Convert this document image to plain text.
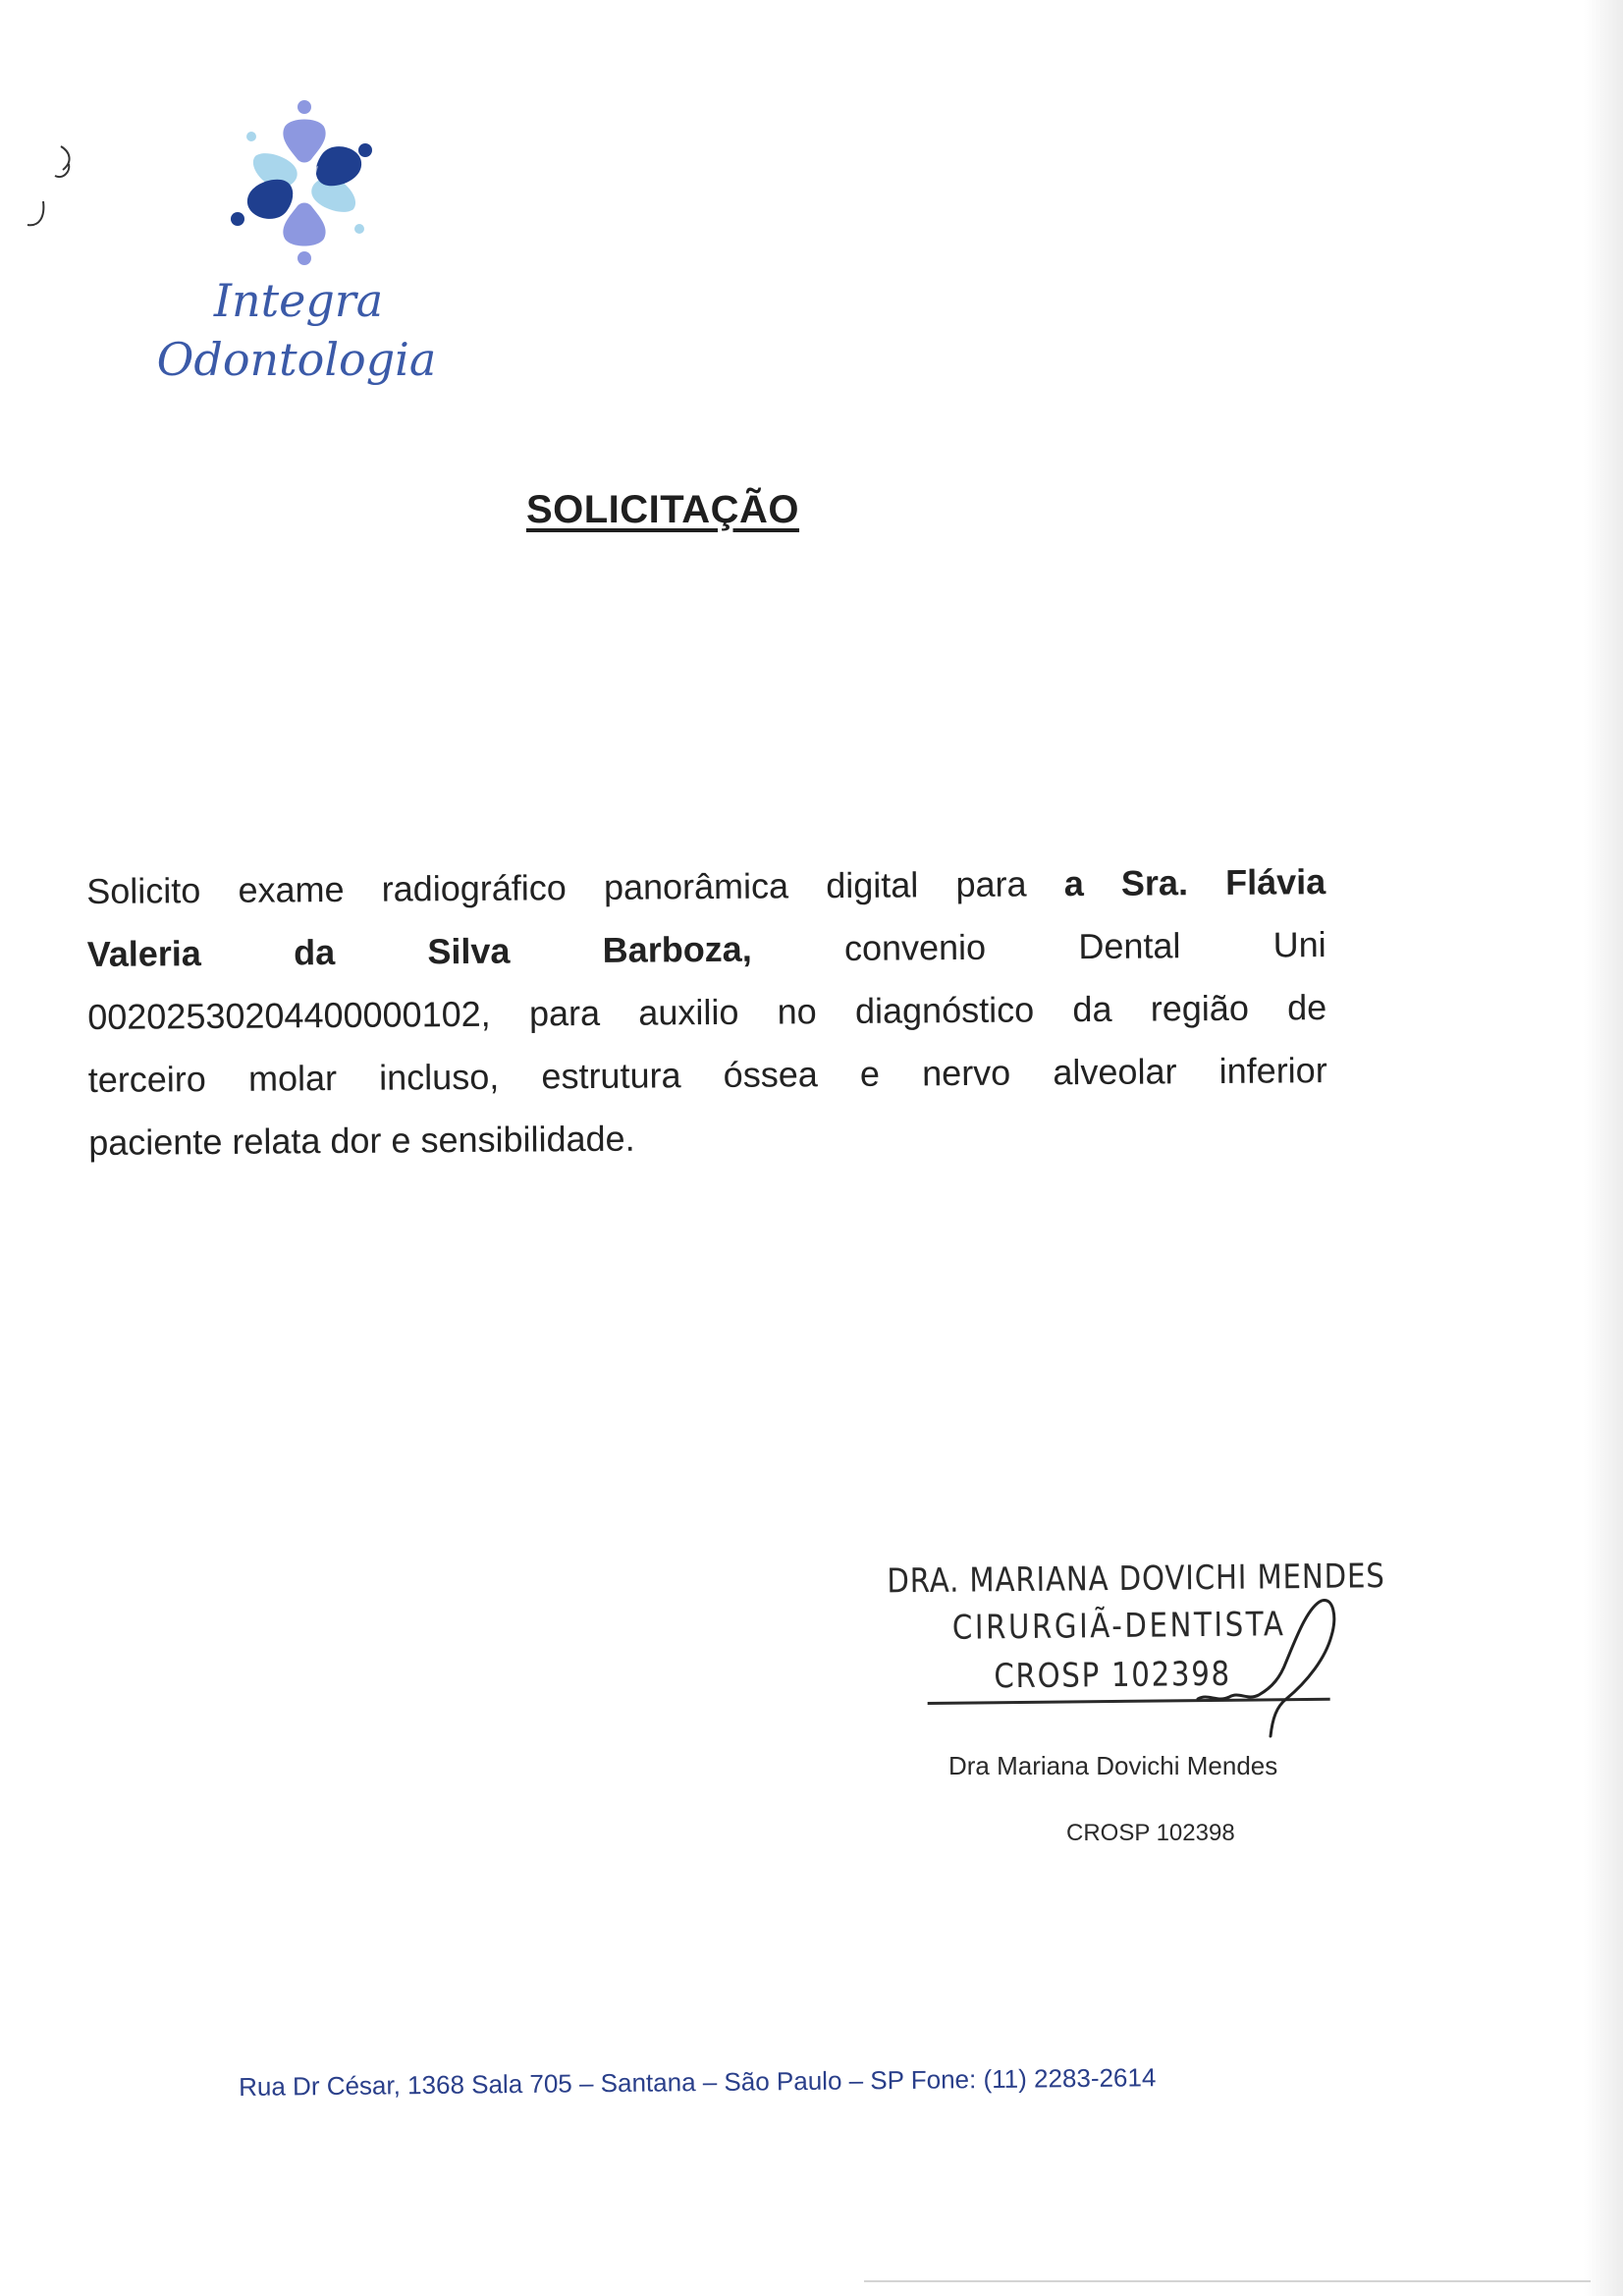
Integra
Odontologia
SOLICITAÇÃO
Solicito exame radiográfico panorâmica digital para a Sra. Flávia
Valeria da Silva Barboza, convenio Dental Uni
00202530204400000102, para auxilio no diagnóstico da região de
terceiro molar incluso, estrutura óssea e nervo alveolar inferior
paciente relata dor e sensibilidade.
DRA. MARIANA DOVICHI MENDES
CIRURGIÃ-DENTISTA
CROSP 102398
Dra Mariana Dovichi Mendes
CROSP 102398
Rua Dr César, 1368 Sala 705 – Santana – São Paulo – SP Fone: (11) 2283-2614
